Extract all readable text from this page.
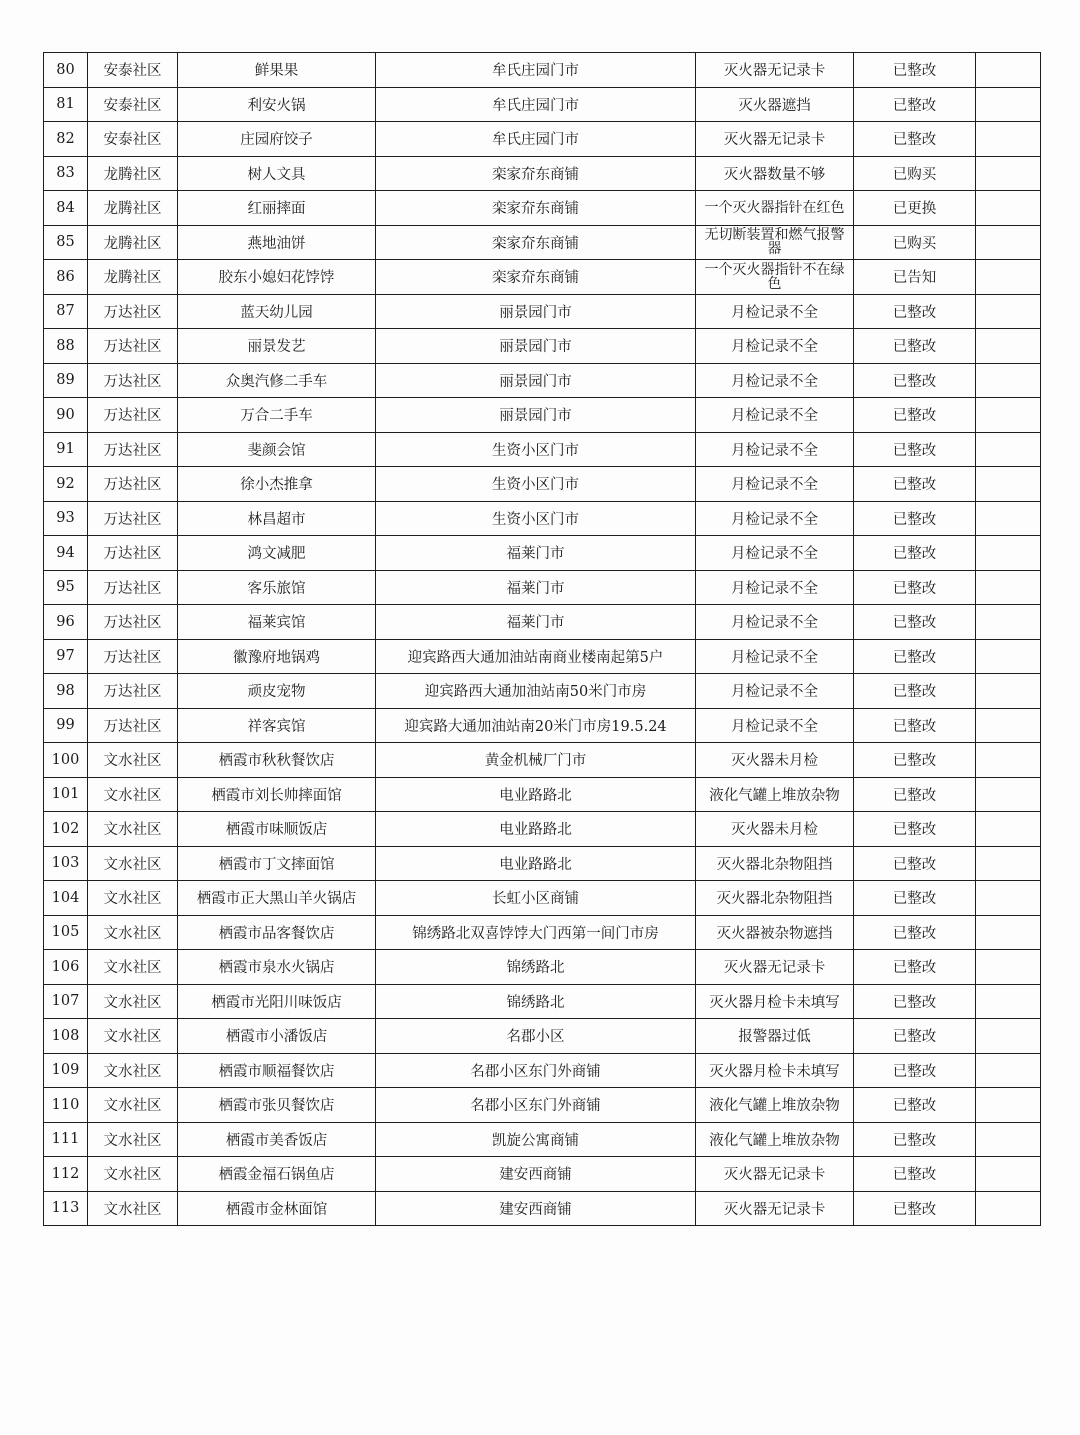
80	安泰社区	鲜果果	牟氏庄园门市	灭火器无记录卡	已整改	
81	安泰社区	利安火锅	牟氏庄园门市	灭火器遮挡	已整改	
82	安泰社区	庄园府饺子	牟氏庄园门市	灭火器无记录卡	已整改	
83	龙腾社区	树人文具	栾家夼东商铺	灭火器数量不够	已购买	
84	龙腾社区	红丽摔面	栾家夼东商铺	一个灭火器指针在红色	已更换	
85	龙腾社区	燕地油饼	栾家夼东商铺	无切断装置和燃气报警器	已购买	
86	龙腾社区	胶东小媳妇花饽饽	栾家夼东商铺	一个灭火器指针不在绿色	已告知	
87	万达社区	蓝天幼儿园	丽景园门市	月检记录不全	已整改	
88	万达社区	丽景发艺	丽景园门市	月检记录不全	已整改	
89	万达社区	众奥汽修二手车	丽景园门市	月检记录不全	已整改	
90	万达社区	万合二手车	丽景园门市	月检记录不全	已整改	
91	万达社区	斐颜会馆	生资小区门市	月检记录不全	已整改	
92	万达社区	徐小杰推拿	生资小区门市	月检记录不全	已整改	
93	万达社区	林昌超市	生资小区门市	月检记录不全	已整改	
94	万达社区	鸿文减肥	福莱门市	月检记录不全	已整改	
95	万达社区	客乐旅馆	福莱门市	月检记录不全	已整改	
96	万达社区	福莱宾馆	福莱门市	月检记录不全	已整改	
97	万达社区	徽豫府地锅鸡	迎宾路西大通加油站南商业楼南起第5户	月检记录不全	已整改	
98	万达社区	顽皮宠物	迎宾路西大通加油站南50米门市房	月检记录不全	已整改	
99	万达社区	祥客宾馆	迎宾路大通加油站南20米门市房19.5.24	月检记录不全	已整改	
100	文水社区	栖霞市秋秋餐饮店	黄金机械厂门市	灭火器未月检	已整改	
101	文水社区	栖霞市刘长帅摔面馆	电业路路北	液化气罐上堆放杂物	已整改	
102	文水社区	栖霞市味顺饭店	电业路路北	灭火器未月检	已整改	
103	文水社区	栖霞市丁文摔面馆	电业路路北	灭火器北杂物阻挡	已整改	
104	文水社区	栖霞市正大黑山羊火锅店	长虹小区商铺	灭火器北杂物阻挡	已整改	
105	文水社区	栖霞市品客餐饮店	锦绣路北双喜饽饽大门西第一间门市房	灭火器被杂物遮挡	已整改	
106	文水社区	栖霞市泉水火锅店	锦绣路北	灭火器无记录卡	已整改	
107	文水社区	栖霞市光阳川味饭店	锦绣路北	灭火器月检卡未填写	已整改	
108	文水社区	栖霞市小潘饭店	名郡小区	报警器过低	已整改	
109	文水社区	栖霞市顺福餐饮店	名郡小区东门外商铺	灭火器月检卡未填写	已整改	
110	文水社区	栖霞市张贝餐饮店	名郡小区东门外商铺	液化气罐上堆放杂物	已整改	
111	文水社区	栖霞市美香饭店	凯旋公寓商铺	液化气罐上堆放杂物	已整改	
112	文水社区	栖霞金福石锅鱼店	建安西商铺	灭火器无记录卡	已整改	
113	文水社区	栖霞市金林面馆	建安西商铺	灭火器无记录卡	已整改	
